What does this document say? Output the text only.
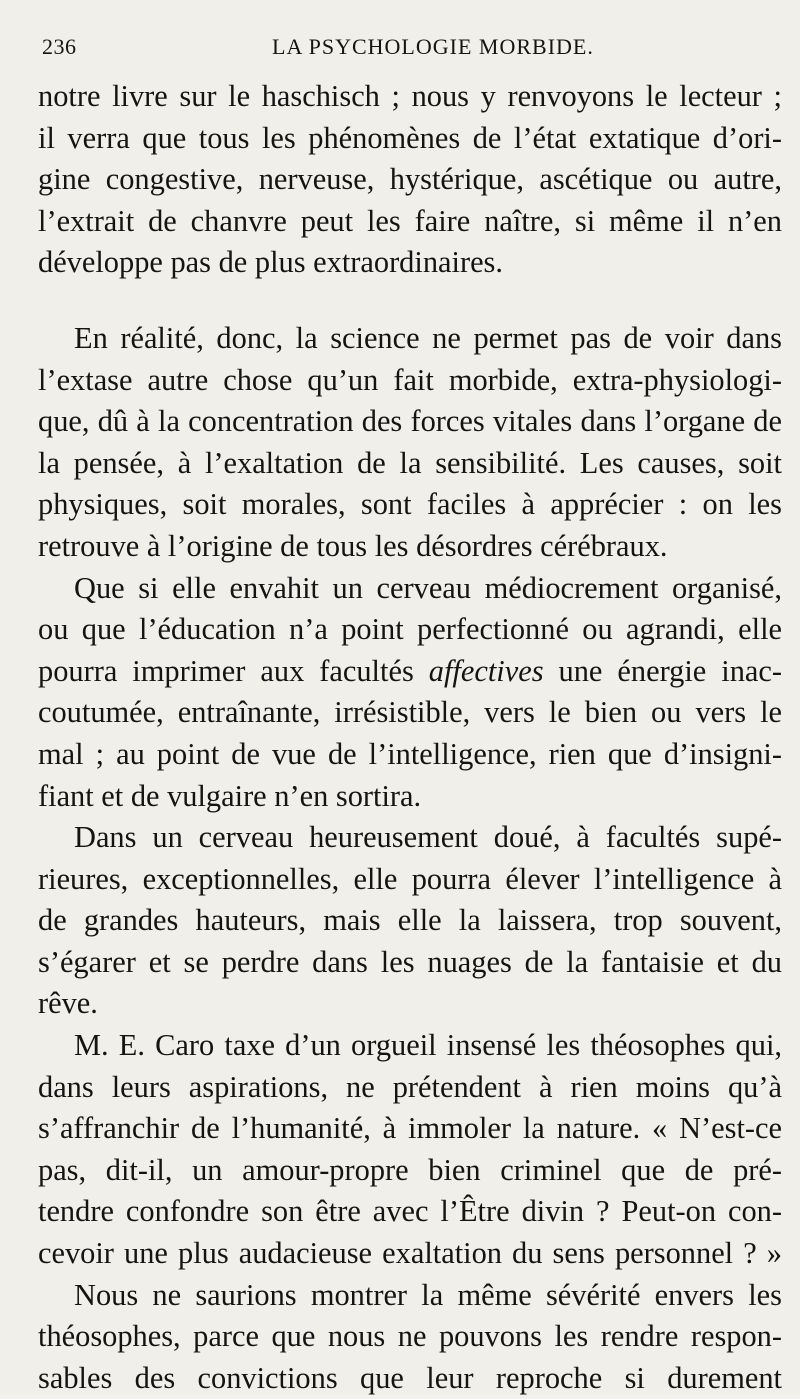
236	LA PSYCHOLOGIE MORBIDE.
notre livre sur le haschisch ; nous y renvoyons le lecteur ;
il verra que tous les phénomènes de l’état extatique d’ori-
gine congestive, nerveuse, hystérique, ascétique ou autre,
l’extrait de chanvre peut les faire naître, si même il n’en
développe pas de plus extraordinaires.
En réalité, donc, la science ne permet pas de voir dans
l’extase autre chose qu’un fait morbide, extra-physiologi-
que, dû à la concentration des forces vitales dans l’organe de
la pensée, à l’exaltation de la sensibilité. Les causes, soit
physiques, soit morales, sont faciles à apprécier : on les
retrouve à l’origine de tous les désordres cérébraux.
Que si elle envahit un cerveau médiocrement organisé,
ou que l’éducation n’a point perfectionné ou agrandi, elle
pourra imprimer aux facultés affectives une énergie inac-
coutumée, entraînante, irrésistible, vers le bien ou vers le
mal ; au point de vue de l’intelligence, rien que d’insigni-
fiant et de vulgaire n’en sortira.
Dans un cerveau heureusement doué, à facultés supé-
rieures, exceptionnelles, elle pourra élever l’intelligence à
de grandes hauteurs, mais elle la laissera, trop souvent,
s’égarer et se perdre dans les nuages de la fantaisie et du
rêve.
M. E. Caro taxe d’un orgueil insensé les théosophes qui,
dans leurs aspirations, ne prétendent à rien moins qu’à
s’affranchir de l’humanité, à immoler la nature. « N’est-ce
pas, dit-il, un amour-propre bien criminel que de pré-
tendre confondre son être avec l’Être divin ? Peut-on con-
cevoir une plus audacieuse exaltation du sens personnel ? »
Nous ne saurions montrer la même sévérité envers les
théosophes, parce que nous ne pouvons les rendre respon-
sables des convictions que leur reproche si durement
